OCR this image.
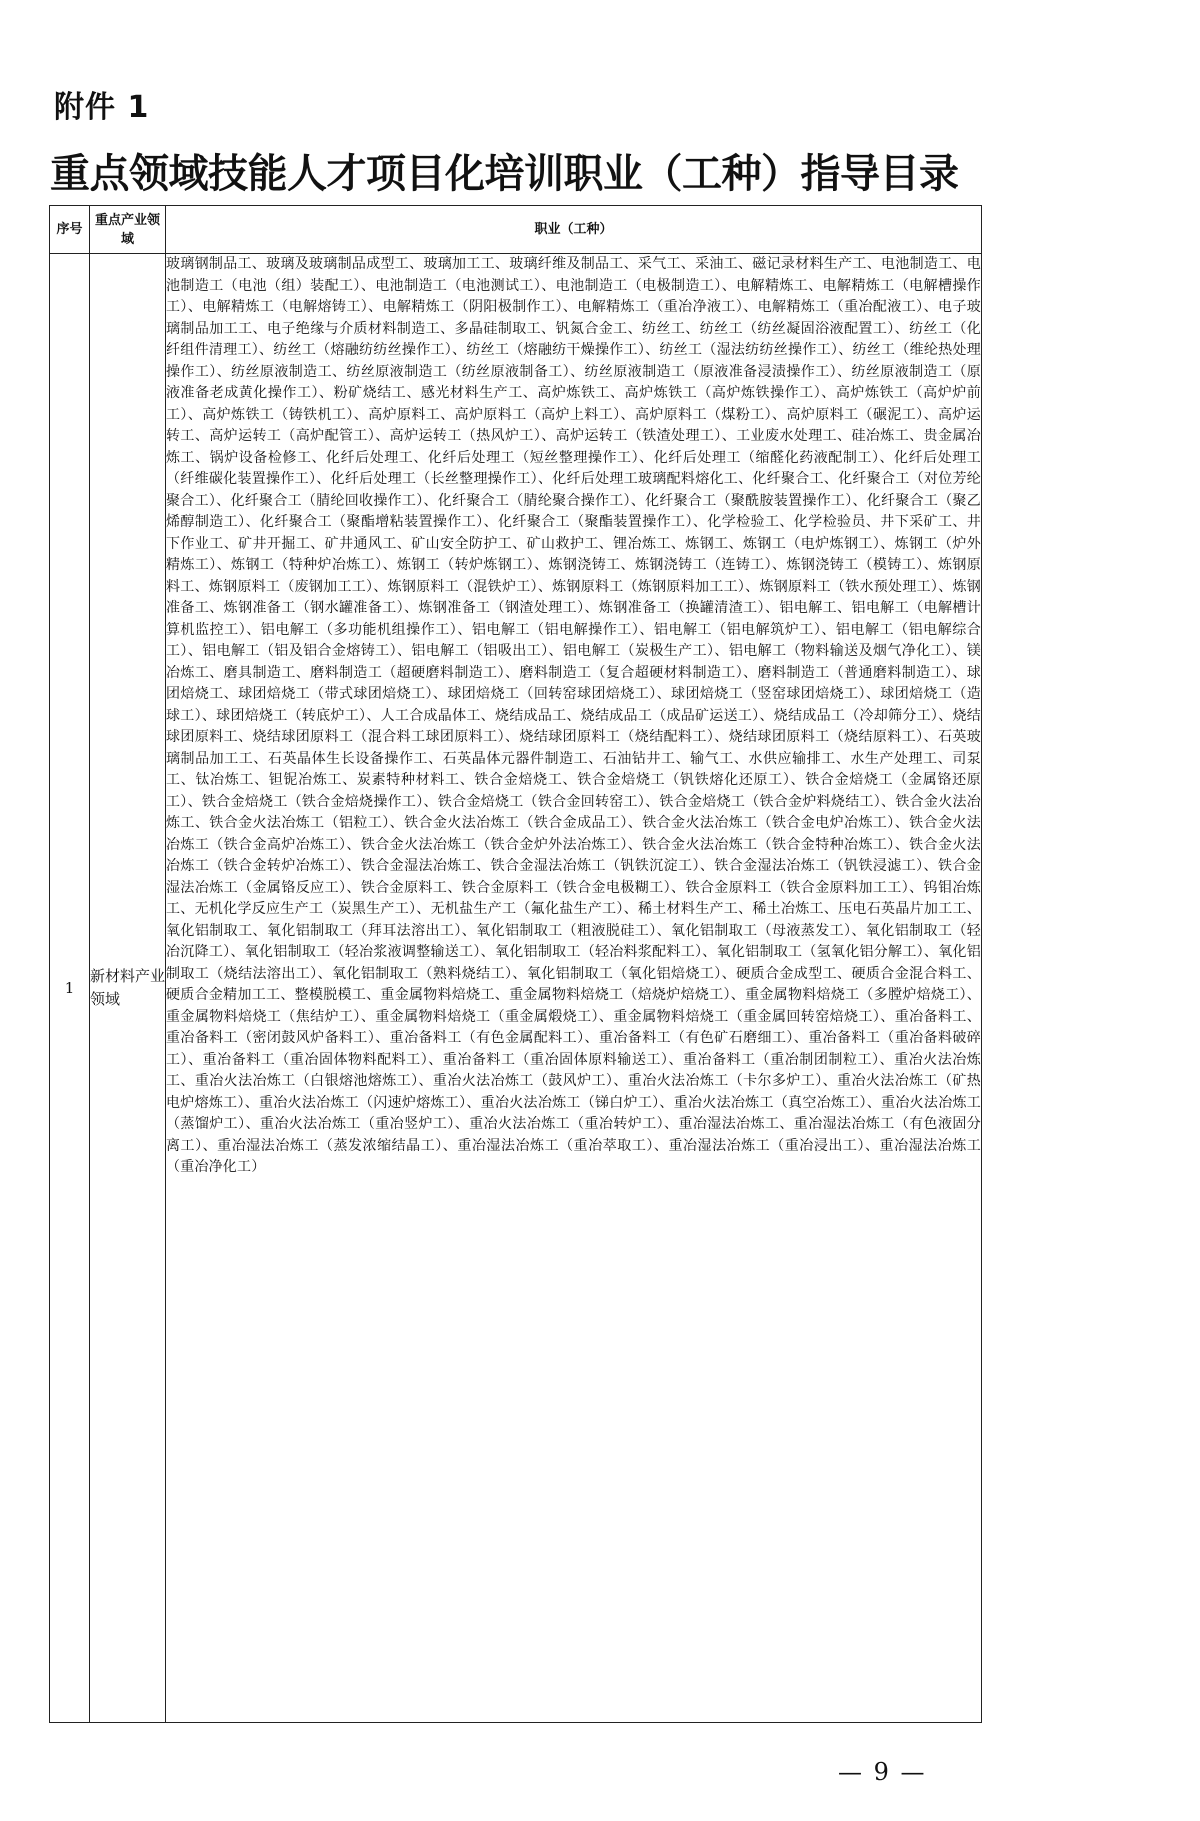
附件 1
重点领域技能人才项目化培训职业（工种）指导目录
序号	重点产业领域	职业（工种）
1	新材料产业领域	玻璃钢制品工、玻璃及玻璃制品成型工、玻璃加工工、玻璃纤维及制品工、采气工、采油工、磁记录材料生产工、电池制造工、电池制造工（电池（组）装配工）、电池制造工（电池测试工）、电池制造工（电极制造工）、电解精炼工、电解精炼工（电解槽操作工）、电解精炼工（电解熔铸工）、电解精炼工（阴阳极制作工）、电解精炼工（重冶净液工）、电解精炼工（重冶配液工）、电子玻璃制品加工工、电子绝缘与介质材料制造工、多晶硅制取工、钒氮合金工、纺丝工、纺丝工（纺丝凝固浴液配置工）、纺丝工（化纤组件清理工）、纺丝工（熔融纺纺丝操作工）、纺丝工（熔融纺干燥操作工）、纺丝工（湿法纺纺丝操作工）、纺丝工（维纶热处理操作工）、纺丝原液制造工、纺丝原液制造工（纺丝原液制备工）、纺丝原液制造工（原液准备浸渍操作工）、纺丝原液制造工（原液准备老成黄化操作工）、粉矿烧结工、感光材料生产工、高炉炼铁工、高炉炼铁工（高炉炼铁操作工）、高炉炼铁工（高炉炉前工）、高炉炼铁工（铸铁机工）、高炉原料工、高炉原料工（高炉上料工）、高炉原料工（煤粉工）、高炉原料工（碾泥工）、高炉运转工、高炉运转工（高炉配管工）、高炉运转工（热风炉工）、高炉运转工（铁渣处理工）、工业废水处理工、硅冶炼工、贵金属冶炼工、锅炉设备检修工、化纤后处理工、化纤后处理工（短丝整理操作工）、化纤后处理工（缩醛化药液配制工）、化纤后处理工（纤维碳化装置操作工）、化纤后处理工（长丝整理操作工）、化纤后处理工玻璃配料熔化工、化纤聚合工、化纤聚合工（对位芳纶聚合工）、化纤聚合工（腈纶回收操作工）、化纤聚合工（腈纶聚合操作工）、化纤聚合工（聚酰胺装置操作工）、化纤聚合工（聚乙烯醇制造工）、化纤聚合工（聚酯增粘装置操作工）、化纤聚合工（聚酯装置操作工）、化学检验工、化学检验员、井下采矿工、井下作业工、矿井开掘工、矿井通风工、矿山安全防护工、矿山救护工、锂冶炼工、炼钢工、炼钢工（电炉炼钢工）、炼钢工（炉外精炼工）、炼钢工（特种炉冶炼工）、炼钢工（转炉炼钢工）、炼钢浇铸工、炼钢浇铸工（连铸工）、炼钢浇铸工（模铸工）、炼钢原料工、炼钢原料工（废钢加工工）、炼钢原料工（混铁炉工）、炼钢原料工（炼钢原料加工工）、炼钢原料工（铁水预处理工）、炼钢准备工、炼钢准备工（钢水罐准备工）、炼钢准备工（钢渣处理工）、炼钢准备工（换罐清渣工）、铝电解工、铝电解工（电解槽计算机监控工）、铝电解工（多功能机组操作工）、铝电解工（铝电解操作工）、铝电解工（铝电解筑炉工）、铝电解工（铝电解综合工）、铝电解工（铝及铝合金熔铸工）、铝电解工（铝吸出工）、铝电解工（炭极生产工）、铝电解工（物料输送及烟气净化工）、镁冶炼工、磨具制造工、磨料制造工（超硬磨料制造工）、磨料制造工（复合超硬材料制造工）、磨料制造工（普通磨料制造工）、球团焙烧工、球团焙烧工（带式球团焙烧工）、球团焙烧工（回转窑球团焙烧工）、球团焙烧工（竖窑球团焙烧工）、球团焙烧工（造球工）、球团焙烧工（转底炉工）、人工合成晶体工、烧结成品工、烧结成品工（成品矿运送工）、烧结成品工（冷却筛分工）、烧结球团原料工、烧结球团原料工（混合料工球团原料工）、烧结球团原料工（烧结配料工）、烧结球团原料工（烧结原料工）、石英玻璃制品加工工、石英晶体生长设备操作工、石英晶体元器件制造工、石油钻井工、输气工、水供应输排工、水生产处理工、司泵工、钛冶炼工、钽铌冶炼工、炭素特种材料工、铁合金焙烧工、铁合金焙烧工（钒铁熔化还原工）、铁合金焙烧工（金属铬还原工）、铁合金焙烧工（铁合金焙烧操作工）、铁合金焙烧工（铁合金回转窑工）、铁合金焙烧工（铁合金炉料烧结工）、铁合金火法冶炼工、铁合金火法冶炼工（铝粒工）、铁合金火法冶炼工（铁合金成品工）、铁合金火法冶炼工（铁合金电炉冶炼工）、铁合金火法冶炼工（铁合金高炉冶炼工）、铁合金火法冶炼工（铁合金炉外法冶炼工）、铁合金火法冶炼工（铁合金特种冶炼工）、铁合金火法冶炼工（铁合金转炉冶炼工）、铁合金湿法冶炼工、铁合金湿法冶炼工（钒铁沉淀工）、铁合金湿法冶炼工（钒铁浸滤工）、铁合金湿法冶炼工（金属铬反应工）、铁合金原料工、铁合金原料工（铁合金电极糊工）、铁合金原料工（铁合金原料加工工）、钨钼冶炼工、无机化学反应生产工（炭黑生产工）、无机盐生产工（氟化盐生产工）、稀土材料生产工、稀土冶炼工、压电石英晶片加工工、氧化铝制取工、氧化铝制取工（拜耳法溶出工）、氧化铝制取工（粗液脱硅工）、氧化铝制取工（母液蒸发工）、氧化铝制取工（轻冶沉降工）、氧化铝制取工（轻冶浆液调整输送工）、氧化铝制取工（轻冶料浆配料工）、氧化铝制取工（氢氧化铝分解工）、氧化铝制取工（烧结法溶出工）、氧化铝制取工（熟料烧结工）、氧化铝制取工（氧化铝焙烧工）、硬质合金成型工、硬质合金混合料工、硬质合金精加工工、整模脱模工、重金属物料焙烧工、重金属物料焙烧工（焙烧炉焙烧工）、重金属物料焙烧工（多膛炉焙烧工）、重金属物料焙烧工（焦结炉工）、重金属物料焙烧工（重金属煅烧工）、重金属物料焙烧工（重金属回转窑焙烧工）、重冶备料工、重冶备料工（密闭鼓风炉备料工）、重冶备料工（有色金属配料工）、重冶备料工（有色矿石磨细工）、重冶备料工（重冶备料破碎工）、重冶备料工（重冶固体物料配料工）、重冶备料工（重冶固体原料输送工）、重冶备料工（重冶制团制粒工）、重冶火法冶炼工、重冶火法冶炼工（白银熔池熔炼工）、重冶火法冶炼工（鼓风炉工）、重冶火法冶炼工（卡尔多炉工）、重冶火法冶炼工（矿热电炉熔炼工）、重冶火法冶炼工（闪速炉熔炼工）、重冶火法冶炼工（锑白炉工）、重冶火法冶炼工（真空冶炼工）、重冶火法冶炼工（蒸馏炉工）、重冶火法冶炼工（重冶竖炉工）、重冶火法冶炼工（重冶转炉工）、重冶湿法冶炼工、重冶湿法冶炼工（有色液固分离工）、重冶湿法冶炼工（蒸发浓缩结晶工）、重冶湿法冶炼工（重冶萃取工）、重冶湿法冶炼工（重冶浸出工）、重冶湿法冶炼工（重冶净化工）
— 9 —
